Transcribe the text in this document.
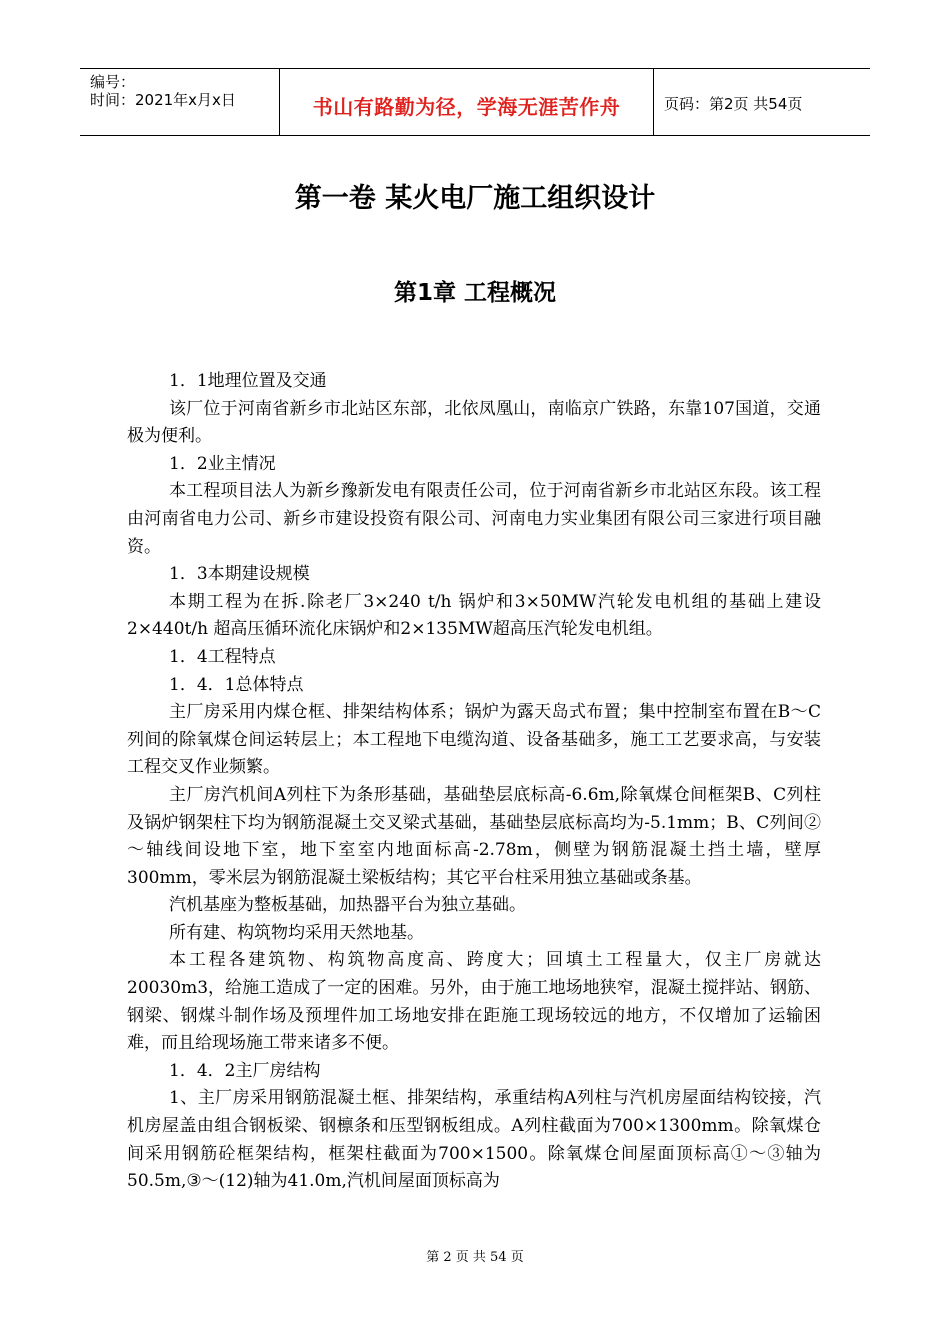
编号：
时间：2021年x月x日	书山有路勤为径，学海无涯苦作舟	页码：第2页 共54页
第一卷 某火电厂施工组织设计
第1章 工程概况

1．1地理位置及交通

该厂位于河南省新乡市北站区东部，北依凤凰山，南临京广铁路，东靠107国道，交通极为便利。

1．2业主情况

本工程项目法人为新乡豫新发电有限责任公司，位于河南省新乡市北站区东段。该工程由河南省电力公司、新乡市建设投资有限公司、河南电力实业集团有限公司三家进行项目融资。

1．3本期建设规模

本期工程为在拆.除老厂3×240 t/h 锅炉和3×50MW汽轮发电机组的基础上建设2×440t/h 超高压循环流化床锅炉和2×135MW超高压汽轮发电机组。

1．4工程特点

1．4．1总体特点

主厂房采用内煤仓框、排架结构体系；锅炉为露天岛式布置；集中控制室布置在B～C列间的除氧煤仓间运转层上；本工程地下电缆沟道、设备基础多，施工工艺要求高，与安装工程交叉作业频繁。

主厂房汽机间A列柱下为条形基础，基础垫层底标高-6.6m,除氧煤仓间框架B、C列柱及锅炉钢架柱下均为钢筋混凝土交叉梁式基础，基础垫层底标高均为-5.1mm；B、C列间②～轴线间设地下室，地下室室内地面标高-2.78m，侧壁为钢筋混凝土挡土墙，壁厚300mm，零米层为钢筋混凝土梁板结构；其它平台柱采用独立基础或条基。

汽机基座为整板基础，加热器平台为独立基础。

所有建、构筑物均采用天然地基。

本工程各建筑物、构筑物高度高、跨度大；回填土工程量大，仅主厂房就达20030m3，给施工造成了一定的困难。另外，由于施工地场地狭窄，混凝土搅拌站、钢筋、钢梁、钢煤斗制作场及预埋件加工场地安排在距施工现场较远的地方，不仅增加了运输困难，而且给现场施工带来诸多不便。

1．4．2主厂房结构

1、主厂房采用钢筋混凝土框、排架结构，承重结构A列柱与汽机房屋面结构铰接，汽机房屋盖由组合钢板梁、钢檩条和压型钢板组成。A列柱截面为700×1300mm。除氧煤仓间采用钢筋砼框架结构，框架柱截面为700×1500。除氧煤仓间屋面顶标高①～③轴为50.5m,③～(12)轴为41.0m,汽机间屋面顶标高为

第 2 页 共 54 页
